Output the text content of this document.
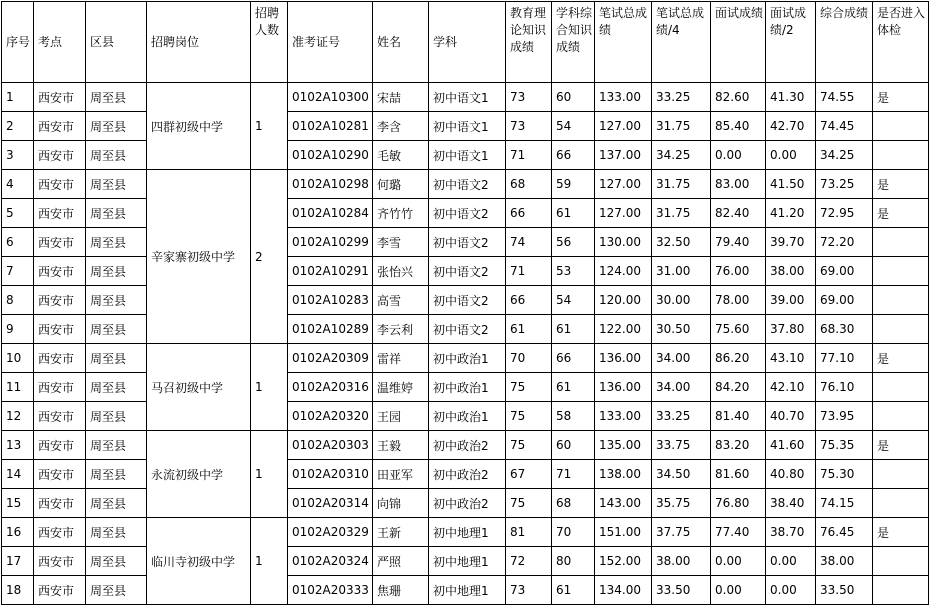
序号	考点	区县	招聘岗位	招聘人数	准考证号	姓名	学科	教育理论知识成绩	学科综合知识成绩	笔试总成绩	笔试总成绩/4	面试成绩	面试成绩/2	综合成绩	是否进入体检
1	西安市	周至县	四群初级中学	1	0102A10300	宋喆	初中语文1	73	60	133.00	33.25	82.60	41.30	74.55	是
2	西安市	周至县			0102A10281	李含	初中语文1	73	54	127.00	31.75	85.40	42.70	74.45	
3	西安市	周至县			0102A10290	毛敏	初中语文1	71	66	137.00	34.25	0.00	0.00	34.25	
4	西安市	周至县	辛家寨初级中学	2	0102A10298	何璐	初中语文2	68	59	127.00	31.75	83.00	41.50	73.25	是
5	西安市	周至县			0102A10284	齐竹竹	初中语文2	66	61	127.00	31.75	82.40	41.20	72.95	是
6	西安市	周至县			0102A10299	李雪	初中语文2	74	56	130.00	32.50	79.40	39.70	72.20	
7	西安市	周至县			0102A10291	张怡兴	初中语文2	71	53	124.00	31.00	76.00	38.00	69.00	
8	西安市	周至县			0102A10283	高雪	初中语文2	66	54	120.00	30.00	78.00	39.00	69.00	
9	西安市	周至县			0102A10289	李云利	初中语文2	61	61	122.00	30.50	75.60	37.80	68.30	
10	西安市	周至县	马召初级中学	1	0102A20309	雷祥	初中政治1	70	66	136.00	34.00	86.20	43.10	77.10	是
11	西安市	周至县			0102A20316	温维婷	初中政治1	75	61	136.00	34.00	84.20	42.10	76.10	
12	西安市	周至县			0102A20320	王园	初中政治1	75	58	133.00	33.25	81.40	40.70	73.95	
13	西安市	周至县	永流初级中学	1	0102A20303	王毅	初中政治2	75	60	135.00	33.75	83.20	41.60	75.35	是
14	西安市	周至县			0102A20310	田亚军	初中政治2	67	71	138.00	34.50	81.60	40.80	75.30	
15	西安市	周至县			0102A20314	向锦	初中政治2	75	68	143.00	35.75	76.80	38.40	74.15	
16	西安市	周至县	临川寺初级中学	1	0102A20329	王新	初中地理1	81	70	151.00	37.75	77.40	38.70	76.45	是
17	西安市	周至县			0102A20324	严照	初中地理1	72	80	152.00	38.00	0.00	0.00	38.00	
18	西安市	周至县			0102A20333	焦珊	初中地理1	73	61	134.00	33.50	0.00	0.00	33.50	
